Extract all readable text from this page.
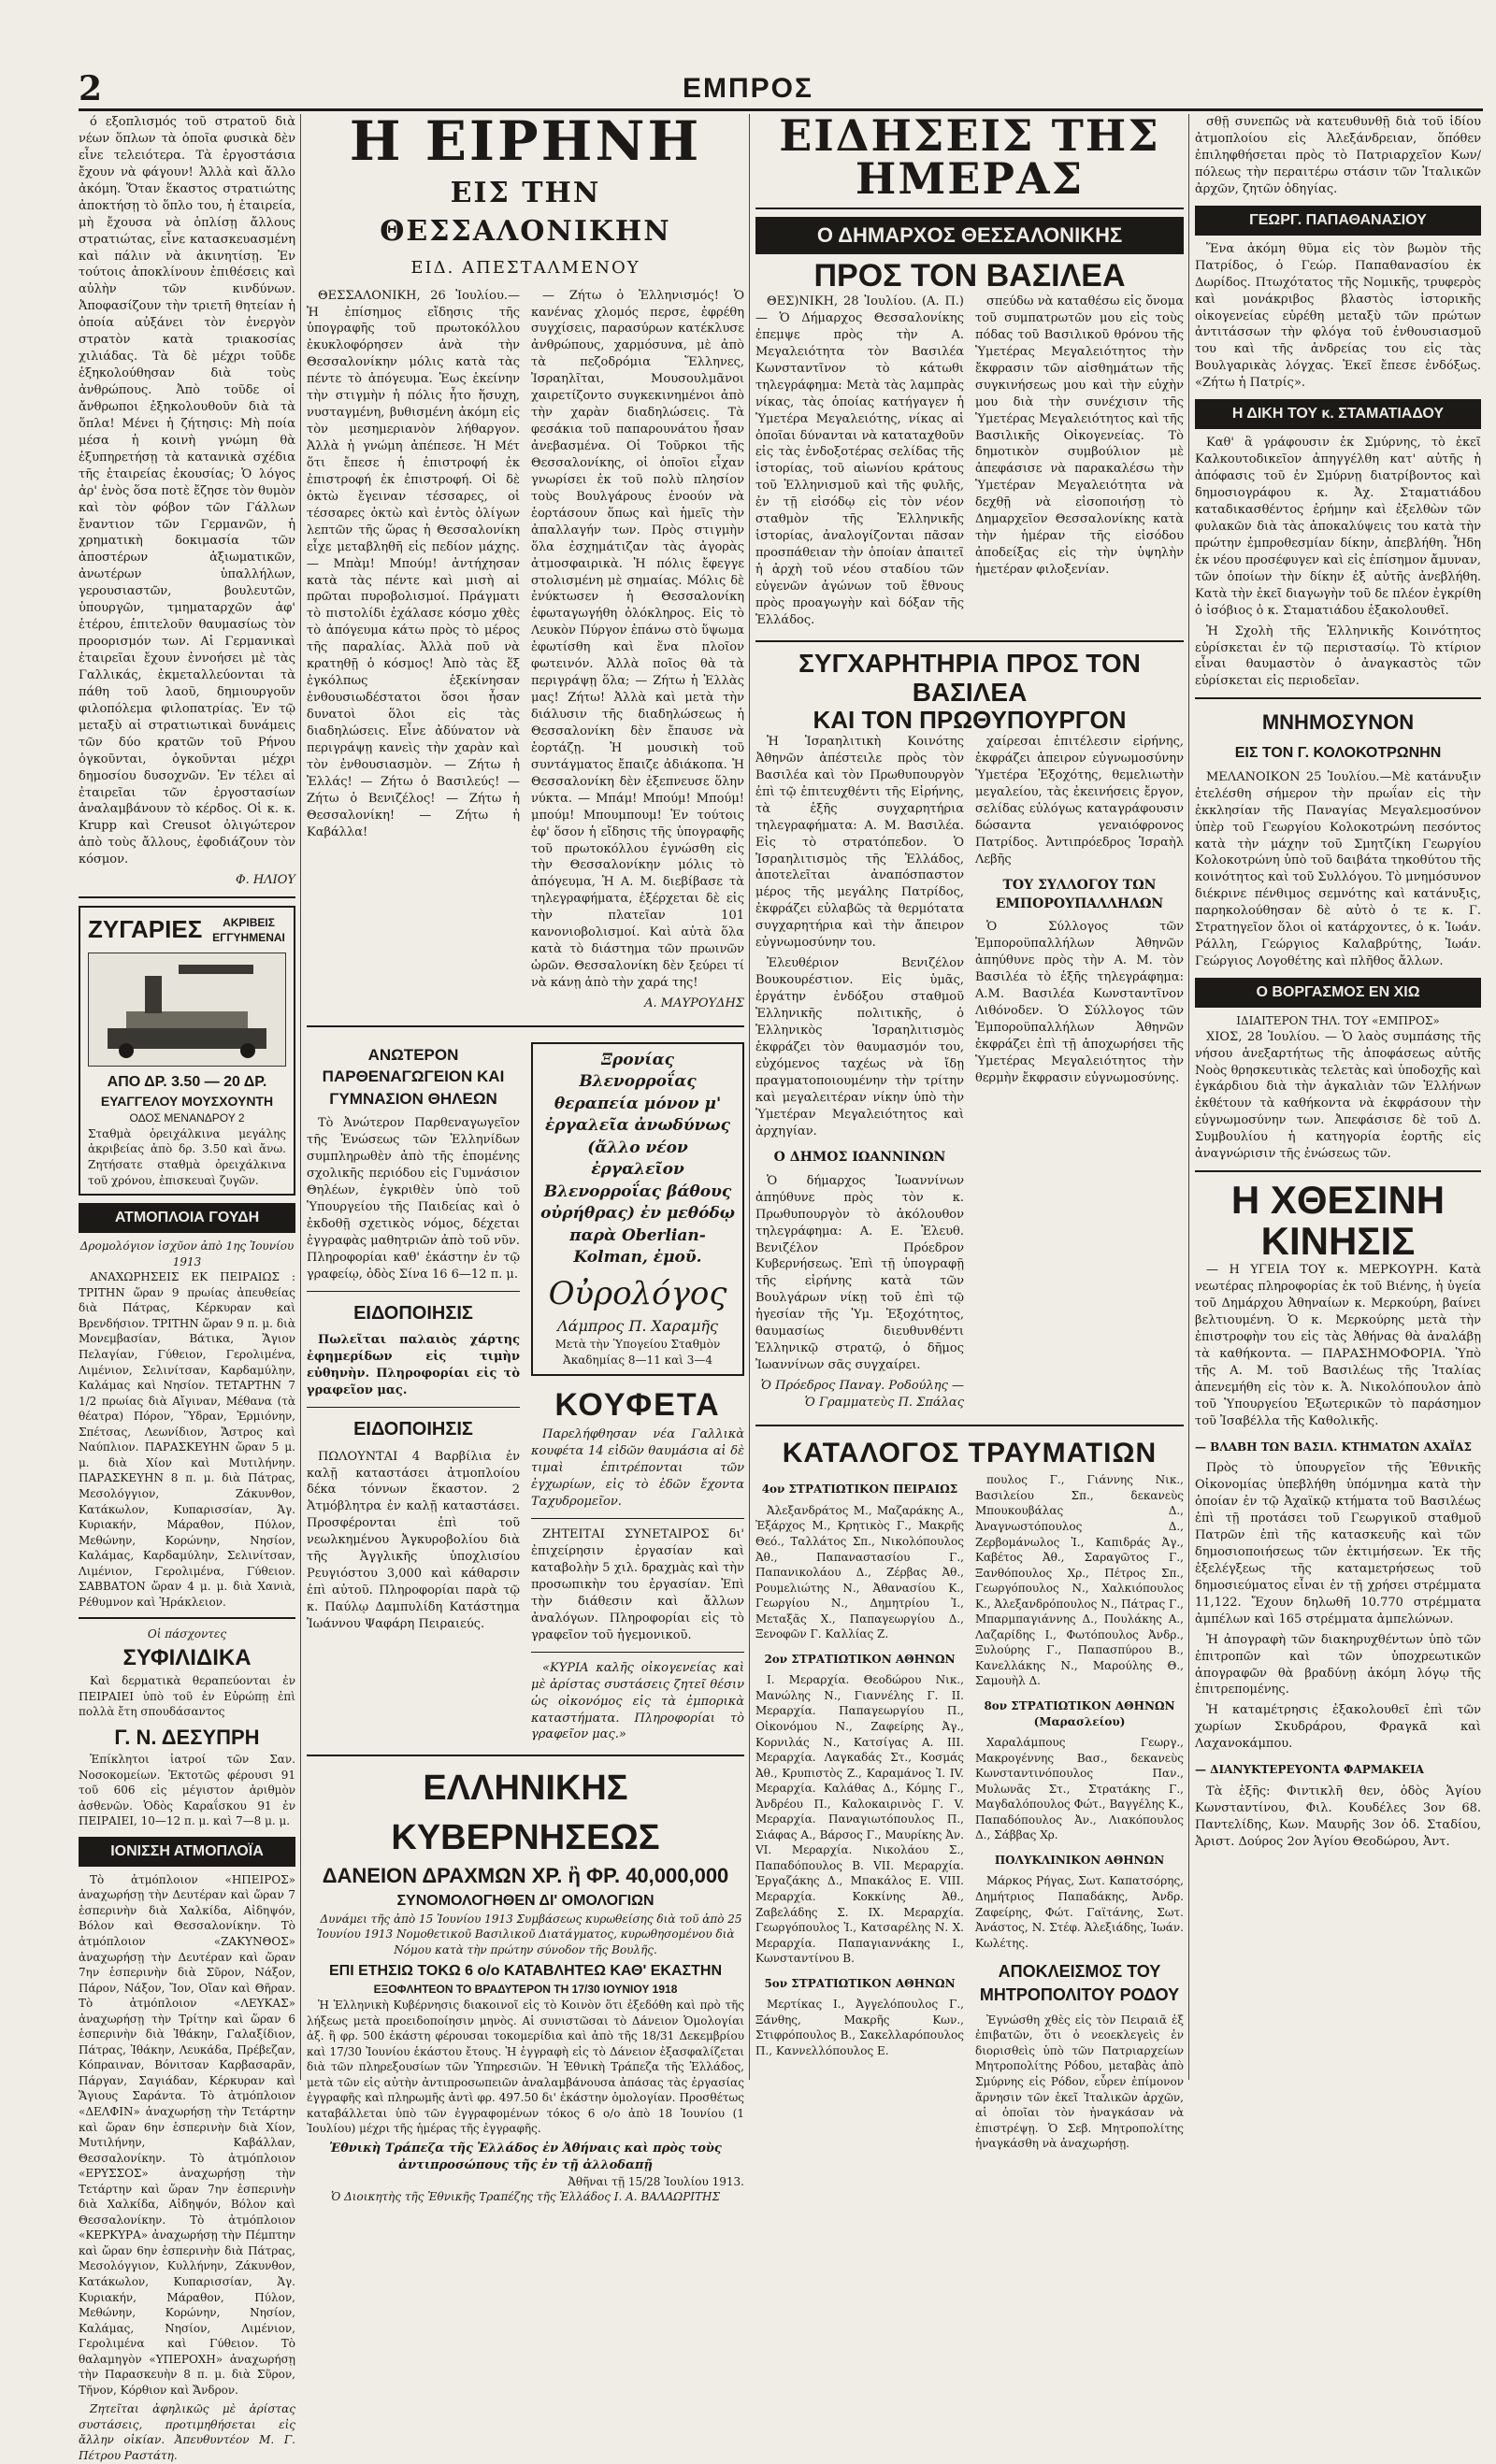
2	ΕΜΠΡΟΣ

ό εξοπλισμός τοῦ στρατοῦ διὰ νέων ὅπλων τὰ ὁποῖα φυσικὰ δὲν εἶνε τελειότερα. Τὰ ἐργοστάσια ἔχουν νὰ φάγουν! Ἀλλὰ καὶ ἄλλο ἀκόμη. Ὅταν ἕκαστος στρατιώτης ἀποκτήσῃ τὸ ὅπλο του, ἡ ἑταιρεία, μὴ ἔχουσα νὰ ὁπλίσῃ ἄλλους στρατιώτας, εἶνε κατασκευασμένη καὶ πάλιν νὰ ἀκινητίσῃ. Ἐν τούτοις ἀποκλίνουν ἐπιθέσεις καὶ αὐλὴν τῶν κινδύνων. Ἀποφασίζουν τὴν τριετῆ θητείαν ἡ ὁποία αὐξάνει τὸν ἐνεργὸν στρατὸν κατὰ τριακοσίας χιλιάδας. Τὰ δὲ μέχρι τοῦδε ἐξηκολούθησαν διὰ τοὺς ἀνθρώπους. Ἀπὸ τοῦδε οἱ ἄνθρωποι ἐξηκολουθοῦν διὰ τὰ ὅπλα! Μένει ἡ ζήτησις: Μὴ ποία μέσα ἡ κοινὴ γνώμη θὰ ἐξυπηρετήσῃ τὰ κατανικὰ σχέδια τῆς ἑταιρείας ἐκουσίας; Ὁ λόγος ἀρ' ἑνὸς ὅσα ποτὲ ἔζησε τὸν θυμὸν καὶ τὸν φόβον τῶν Γάλλων ἔναντιον τῶν Γερμανῶν, ἡ χρηματικὴ δοκιμασία τῶν ἀποστέρων ἀξιωματικῶν, ἀνωτέρων ὑπαλλήλων, γερουσιαστῶν, βουλευτῶν, ὑπουργῶν, τμηματαρχῶν ἀφ' ἑτέρου, ἐπιτελοῦν θαυμασίως τὸν προορισμόν των. Αἱ Γερμανικαὶ ἑταιρεῖαι ἔχουν ἐννοήσει μὲ τὰς Γαλλικάς, ἐκμεταλλεύονται τὰ πάθη τοῦ λαοῦ, δημιουργοῦν φιλοπόλεμα φιλοπατρίας. Ἐν τῷ μεταξὺ αἱ στρατιωτικαὶ δυνάμεις τῶν δύο κρατῶν τοῦ Ρήνου ὁγκοῦνται, ὀγκοῦνται μέχρι δημοσίου δυσοχνῶν. Ἐν τέλει αἱ ἐταιρεῖαι τῶν ἐργοστασίων ἀναλαμβάνουν τὸ κέρδος. Οἱ κ. κ. Krupp καὶ Creusot ὀλιγώτερον ἀπὸ τοὺς ἄλλους, ἐφοδιάζουν τὸν κόσμον.

Φ. ΗΛΙΟΥ
ΖΥΓΑΡΙΕΣ	ΑΚΡΙΒΕΙΣ ΕΓΓΥΗΜΕΝΑΙ
ΑΠΟ ΔΡ. 3.50 — 20 ΔΡ.
ΕΥΑΓΓΕΛΟΥ ΜΟΥΣΧΟΥΝΤΗ
ΟΔΟΣ ΜΕΝΑΝΔΡΟΥ 2
Σταθμὰ ὀρειχάλκινα μεγάλης ἀκριβείας ἀπὸ δρ. 3.50 καὶ ἄνω. Ζητήσατε σταθμὰ ὀρειχάλκινα τοῦ χρόνου, ἐπισκευαὶ ζυγῶν.
ΑΤΜΟΠΛΟΙΑ ΓΟΥΔΗ
Δρομολόγιον ἰσχῦον ἀπὸ 1ης Ἰουνίου 1913

ΑΝΑΧΩΡΗΣΕΙΣ ΕΚ ΠΕΙΡΑΙΩΣ : ΤΡΙΤΗΝ ὥραν 9 πρωίας ἀπευθείας διὰ Πάτρας, Κέρκυραν καὶ Βρενδήσιον. ΤΡΙΤΗΝ ὥραν 9 π. μ. διὰ Μονεμβασίαν, Βάτικα, Ἅγιον Πελαγίαν, Γύθειον, Γερολιμένα, Λιμένιον, Σελινίτσαν, Καρδαμύλην, Καλάμας καὶ Νησίον. ΤΕΤΑΡΤΗΝ 7 1/2 πρωίας διὰ Αἴγιναν, Μέθανα (τὰ θέατρα) Πόρον, Ὕδραν, Ἑρμιόνην, Σπέτσας, Λεωνίδιον, Ἄστρος καὶ Ναύπλιον. ΠΑΡΑΣΚΕΥΗΝ ὥραν 5 μ. μ. διὰ Χίον καὶ Μυτιλήνην. ΠΑΡΑΣΚΕΥΗΝ 8 π. μ. διὰ Πάτρας, Μεσολόγγιον, Ζάκυνθον, Κατάκωλον, Κυπαρισσίαν, Ἁγ. Κυριακήν, Μάραθον, Πύλον, Μεθώνην, Κορώνην, Νησίον, Καλάμας, Καρδαμύλην, Σελινίτσαν, Λιμένιον, Γερολιμένα, Γύθειον. ΣΑΒΒΑΤΟΝ ὥραν 4 μ. μ. διὰ Χανιὰ, Ρέθυμνον καὶ Ἡράκλειον.

Οἱ πάσχοντες
ΣΥΦΙΛΙΔΙΚΑ

Καὶ δερματικὰ θεραπεύονται ἐν ΠΕΙΡΑΙΕΙ ὑπὸ τοῦ ἐν Εὐρώπῃ ἐπὶ πολλὰ ἔτη σπουδάσαντος

Γ. Ν. ΔΕΣΥΠΡΗ

Ἐπίκλητοι ἰατροί τῶν Σαν. Νοσοκομείων. Ἐκτοτῶς φέρουσι 91 τοῦ 606 εἰς μέγιστον ἀριθμὸν ἀσθενῶν. Ὁδὸς Καραΐσκου 91 ἐν ΠΕΙΡΑΙΕΙ, 10—12 π. μ. καὶ 7—8 μ. μ.

ΙΟΝΙΣΣΗ ΑΤΜΟΠΛΟΪΑ

Τὸ ἀτμόπλοιον «ΗΠΕΙΡΟΣ» ἀναχωρήσῃ τὴν Δευτέραν καὶ ὥραν 7 ἑσπερινὴν διὰ Χαλκίδα, Αἰδηψόν, Βόλον καὶ Θεσσαλονίκην. Τὸ ἀτμόπλοιον «ΖΑΚΥΝΘΟΣ» ἀναχωρήσῃ τὴν Δευτέραν καὶ ὥραν 7ην ἑσπερινὴν διὰ Σῦρον, Νάξον, Πάρον, Νάξον, Ἴον, Οἴαν καὶ Θῆραν. Τὸ ἀτμόπλοιον «ΛΕΥΚΑΣ» ἀναχωρήσῃ τὴν Τρίτην καὶ ὥραν 6 ἑσπερινὴν διὰ Ἰθάκην, Γαλαξίδιον, Πάτρας, Ἰθάκην, Λευκάδα, Πρέβεζαν, Κόπραιναν, Βόνιτσαν Καρβασαρᾶν, Πάργαν, Σαγιάδαν, Κέρκυραν καὶ Ἅγιους Σαράντα. Τὸ ἀτμόπλοιον «ΔΕΛΦΙΝ» ἀναχωρήσῃ τὴν Τετάρτην καὶ ὥραν 6ην ἑσπερινὴν διὰ Χίον, Μυτιλήνην, Καβάλλαν, Θεσσαλονίκην. Τὸ ἀτμόπλοιον «ΕΡΥΣΣΟΣ» ἀναχωρήσῃ τὴν Τετάρτην καὶ ὥραν 7ην ἑσπερινὴν διὰ Χαλκίδα, Αἰδηψόν, Βόλον καὶ Θεσσαλονίκην. Τὸ ἀτμόπλοιον «ΚΕΡΚΥΡΑ» ἀναχωρήσῃ τὴν Πέμπτην καὶ ὥραν 6ην ἑσπερινὴν διὰ Πάτρας, Μεσολόγγιον, Κυλλήνην, Ζάκυνθον, Κατάκωλον, Κυπαρισσίαν, Ἁγ. Κυριακήν, Μάραθον, Πύλον, Μεθώνην, Κορώνην, Νησίον, Καλάμας, Νησίον, Λιμένιον, Γερολιμένα καὶ Γύθειον. Τὸ θαλαμηγὸν «ΥΠΕΡΟΧΗ» ἀναχωρήσῃ τὴν Παρασκευὴν 8 π. μ. διὰ Σῦρον, Τῆνον, Κόρθιον καὶ Ἄνδρον.

Ζητεῖται ἀφηλικῶς μὲ ἀρίστας συστάσεις, προτιμηθήσεται εἰς ἄλλην οἰκίαν. Ἀπευθυντέον Μ. Γ. Πέτρου Ραστάτη.

Η ΕΙΡΗΝΗ
ΕΙΣ ΤΗΝ ΘΕΣΣΑΛΟΝΙΚΗΝ
ΕΙΔ. ΑΠΕΣΤΑΛΜΕΝΟΥ

ΘΕΣΣΑΛΟΝΙΚΗ, 26 Ἰουλίου.— Ἡ ἐπίσημος εἴδησις τῆς ὑπογραφῆς τοῦ πρωτοκόλλου ἐκυκλοφόρησεν ἀνὰ τὴν Θεσσαλονίκην μόλις κατὰ τὰς πέντε τὸ ἀπόγευμα. Ἐως ἐκείνην τὴν στιγμὴν ἡ πόλις ἦτο ἥσυχη, νυσταγμένη, βυθισμένη ἀκόμη εἰς τὸν μεσημεριανὸν λήθαργον. Ἀλλὰ ἡ γνώμη ἀπέπεσε. Ἡ Μέτ ὅτι ἔπεσε ἡ ἐπιστροφή ἐκ ἐπιστροφή ἐκ ἐπιστροφή. Οἱ δὲ ὀκτὼ ἔγειναν τέσσαρες, οἱ τέσσαρες ὀκτὼ καὶ ἐντὸς ὀλίγων λεπτῶν τῆς ὥρας ἡ Θεσσαλονίκη εἶχε μεταβληθῆ εἰς πεδίον μάχης. — Μπὰμ! Μπούμ! ἀντήχησαν κατὰ τὰς πέντε καὶ μισὴ αἱ πρῶται πυροβολισμοί. Πράγματι τὸ πιστολίδι ἐχάλασε κόσμο χθὲς τὸ ἀπόγευμα κάτω πρὸς τὸ μέρος τῆς παραλίας. Ἀλλὰ ποῦ νὰ κρατηθῇ ὁ κόσμος! Ἀπὸ τὰς ἕξ ἐγκόλπως ἐξεκίνησαν ἐνθουσιωδέστατοι ὅσοι ἦσαν δυνατοὶ ὅλοι εἰς τὰς διαδηλώσεις. Εἶνε ἀδύνατον νὰ περιγράψῃ κανεὶς τὴν χαρὰν καὶ τὸν ἐνθουσιασμὸν. — Ζήτω ἡ Ἑλλάς! — Ζήτω ὁ Βασιλεύς! — Ζήτω ὁ Βενιζέλος! — Ζήτω ἡ Θεσσαλονίκη! — Ζήτω ἡ Καβάλλα!

— Ζήτω ὁ Ἑλληνισμός! Ὁ κανένας χλομός περσε, ἐφρέθη συγχίσεις, παρασύρων κατέκλυσε ἀνθρώπους, χαρμόσυνα, μὲ ἀπὸ τὰ πεζοδρόμια Ἕλληνες, Ἰσραηλῖται, Μουσουλμᾶνοι χαιρετίζοντο συγκεκινημένοι ἀπὸ τὴν χαρὰν διαδηλώσεις. Τὰ φεσάκια τοῦ παπαρουνάτου ἦσαν ἀνεβασμένα. Οἱ Τοῦρκοι τῆς Θεσσαλονίκης, οἱ ὁποῖοι εἶχαν γνωρίσει ἐκ τοῦ πολὺ πλησίον τοὺς Βουλγάρους ἐνοούν νὰ ἑορτάσουν ὅπως καὶ ἡμεῖς τὴν ἀπαλλαγήν των. Πρὸς στιγμὴν ὅλα ἐσχημάτιζαν τὰς ἀγορὰς ἀτμοσφαιρικὰ. Ἡ πόλις ἔφεγγε στολισμένη μὲ σημαίας. Μόλις δὲ ἐνύκτωσεν ἡ Θεσσαλονίκη ἐφωταγωγήθη ὁλόκληρος. Εἰς τὸ Λευκὸν Πύργον ἐπάνω στὸ ὕψωμα ἐφωτίσθη καὶ ἕνα πλοῖον φωτεινόν. Ἀλλὰ ποῖος θὰ τὰ περιγράψῃ ὅλα; — Ζήτω ἡ Ἑλλὰς μας! Ζήτω! Ἀλλὰ καὶ μετὰ τὴν διάλυσιν τῆς διαδηλώσεως ἡ Θεσσαλονίκη δὲν ἔπαυσε νὰ ἑορτάζῃ. Ἡ μουσικὴ τοῦ συντάγματος ἔπαιζε ἀδιάκοπα. Ἡ Θεσσαλονίκη δὲν ἐξεπνευσε ὅλην νύκτα. — Μπάμ! Μπούμ! Μπούμ! μπούμ! Μπουμπουμ! Ἐν τούτοις ἐφ' ὅσον ἡ εἴδησις τῆς ὑπογραφῆς τοῦ πρωτοκόλλου ἐγνώσθη εἰς τὴν Θεσσαλονίκην μόλις τὸ ἀπόγευμα, Ἡ Α. Μ. διεβίβασε τὰ τηλεγραφήματα, ἐξέρχεται δὲ εἰς τὴν πλατεῖαν 101 κανονιοβολισμοί. Καὶ αὐτὰ ὅλα κατὰ τὸ διάστημα τῶν πρωινῶν ὡρῶν. Θεσσαλονίκη δὲν ξεύρει τί νὰ κάνῃ ἀπὸ τὴν χαρά της!

Α. ΜΑΥΡΟΥΔΗΣ
ΑΝΩΤΕΡΟΝ ΠΑΡΘΕΝΑΓΩΓΕΙΟΝ ΚΑΙ ΓΥΜΝΑΣΙΟΝ ΘΗΛΕΩΝ

Τὸ Ἀνώτερον Παρθεναγωγεῖον τῆς Ἑνώσεως τῶν Ἑλληνίδων συμπληρωθὲν ἀπὸ τῆς ἑπομένης σχολικῆς περιόδου εἰς Γυμνάσιον Θηλέων, ἐγκριθὲν ὑπὸ τοῦ Ὑπουργείου τῆς Παιδείας καὶ ὁ ἐκδοθῇ σχετικὸς νόμος, δέχεται ἐγγραφὰς μαθητριῶν ἀπὸ τοῦ νῦν. Πληροφορίαι καθ' ἑκάστην ἐν τῷ γραφείῳ, ὁδὸς Σίνα 16 6—12 π. μ.

ΕΙΔΟΠΟΙΗΣΙΣ

Πωλεῖται παλαιὸς χάρτης ἐφημερίδων εἰς τιμὴν εὐθηνὴν. Πληροφορίαι εἰς τὸ γραφεῖον μας.

ΕΙΔΟΠΟΙΗΣΙΣ

ΠΩΛΟΥΝΤΑΙ 4 Βαρβίλια ἐν καλῇ καταστάσει ἀτμοπλοίου δέκα τόννων ἕκαστον. 2 Ἀτμόβλητρα ἐν καλῇ καταστάσει. Προσφέρονται ἐπὶ τοῦ νεωλκημένου Ἀγκυροβολίου διὰ τῆς Ἀγγλικῆς ὑποχλισίου Ρευγιόστου 3,000 καὶ κάθαρσιν ἐπὶ αὐτοῦ. Πληροφορίαι παρὰ τῷ κ. Παύλῳ Δαμπυλίδη Κατάστημα Ἰωάννου Ψαφάρη Πειραιεύς.

Ξρονίας Βλενορροΐας θεραπεία μόνον μ' ἐργαλεῖα ἀνωδύνως (ἄλλο νέον ἐργαλεῖον Βλενορροΐας βάθους οὐρήθρας) ἐν μεθόδῳ παρὰ Oberlian-Kolman, ἐμοῦ.
Οὐρολόγος
Λάμπρος Π. Χαραμῆς
Μετὰ τὴν Ὑπογείου Σταθμὸν Ἀκαδημίας 8—11 καὶ 3—4
ΚΟΥΦΕΤΑ

Παρελήφθησαν νέα Γαλλικὰ κουφέτα 14 εἰδῶν θαυμάσια αἱ δὲ τιμαὶ ἐπιτρέπονται τῶν ἐγχωρίων, εἰς τὸ ἐδῶν ἔχοντα Ταχυδρομεῖον.

ΖΗΤΕΙΤΑΙ ΣΥΝΕΤΑΙΡΟΣ δι' ἐπιχείρησιν ἐργασίαν καὶ καταβολὴν 5 χιλ. δραχμὰς καὶ τὴν προσωπικὴν του ἐργασίαν. Ἐπὶ τὴν διάθεσιν καὶ ἄλλων ἀναλόγων. Πληροφορίαι εἰς τὸ γραφεῖον τοῦ ἡγεμονικοῦ.

«ΚΥΡΙΑ καλῆς οἰκογενείας καὶ μὲ ἀρίστας συστάσεις ζητεῖ θέσιν ὡς οἰκονόμος εἰς τὰ ἐμπορικὰ καταστήματα. Πληροφορίαι τὸ γραφεῖον μας.»

ΕΛΛΗΝΙΚΗΣ ΚΥΒΕΡΝΗΣΕΩΣ
ΔΑΝΕΙΟΝ ΔΡΑΧΜΩΝ ΧΡ. ἢ ΦΡ. 40,000,000
ΣΥΝΟΜΟΛΟΓΗΘΕΝ ΔΙ' ΟΜΟΛΟΓΙΩΝ

Δυνάμει τῆς ἀπὸ 15 Ἰουνίου 1913 Συμβάσεως κυρωθείσης διὰ τοῦ ἀπὸ 25 Ἰουνίου 1913 Νομοθετικοῦ Βασιλικοῦ Διατάγματος, κυρωθησομένου διὰ Νόμου κατὰ τὴν πρώτην σύνοδον τῆς Βουλῆς.

ΕΠΙ ΕΤΗΣΙΩ ΤΟΚΩ 6 ο/ο ΚΑΤΑΒΛΗΤΕΩ ΚΑΘ' ΕΚΑΣΤΗΝ
ΕΞΟΦΛΗΤΕΟΝ ΤΟ ΒΡΑΔΥΤΕΡΟΝ ΤΗ 17/30 ΙΟΥΝΙΟΥ 1918

Ἡ Ἑλληνικὴ Κυβέρνησις διακοινοῖ εἰς τὸ Κοινὸν ὅτι ἐξεδόθη καὶ πρὸ τῆς λήξεως μετὰ προειδοποίησιν μηνὸς. Αἱ συνιστῶσαι τὸ Δάνειον Ὁμολογίαι ἀξ. ἢ φρ. 500 ἑκάστη φέρουσαι τοκομερίδια καὶ ἀπὸ τῆς 18/31 Δεκεμβρίου καὶ 17/30 Ἰουνίου ἑκάστου ἔτους. Ἡ ἐγγραφὴ εἰς τὸ Δάνειον ἐξασφαλίζεται διὰ τῶν πληρεξουσίων τῶν Ὑπηρεσιῶν. Ἡ Ἐθνικὴ Τράπεζα τῆς Ἑλλάδος, μετὰ τῶν εἰς αὐτὴν ἀντιπροσωπειῶν ἀναλαμβάνουσα ἀπάσας τὰς ἐργασίας ἐγγραφῆς καὶ πληρωμῆς ἀντὶ φρ. 497.50 δι' ἑκάστην ὁμολογίαν. Προσθέτως καταβάλλεται ὑπὸ τῶν ἐγγραφομένων τόκος 6 ο/ο ἀπὸ 18 Ἰουνίου (1 Ἰουλίου) μέχρι τῆς ἡμέρας τῆς ἐγγραφῆς.

Ἐθνικὴ Τράπεζα τῆς Ἑλλάδος ἐν Ἀθήναις καὶ πρὸς τοὺς ἀντιπροσώπους τῆς ἐν τῇ ἀλλοδαπῇ
Ἀθῆναι τῇ 15/28 Ἰουλίου 1913.
Ὁ Διοικητὴς τῆς Ἐθνικῆς Τραπέζης τῆς Ἑλλάδος Ι. Α. ΒΑΛΑΩΡΙΤΗΣ
ΕΙΔΗΣΕΙΣ ΤΗΣ ΗΜΕΡΑΣ
Ο ΔΗΜΑΡΧΟΣ ΘΕΣΣΑΛΟΝΙΚΗΣ
ΠΡΟΣ ΤΟΝ ΒΑΣΙΛΕΑ

ΘΕΣ)ΝΙΚΗ, 28 Ἰουλίου. (Α. Π.)— Ὁ Δήμαρχος Θεσσαλονίκης ἐπεμψε πρὸς τὴν Α. Μεγαλειότητα τὸν Βασιλέα Κωνσταντῖνον τὸ κάτωθι τηλεγράφημα: Μετὰ τὰς λαμπρὰς νίκας, τὰς ὁποίας κατήγαγεν ἡ Ὑμετέρα Μεγαλειότης, νίκας αἱ ὁποῖαι δύνανται νὰ καταταχθοῦν εἰς τὰς ἐνδοξοτέρας σελίδας τῆς ἱστορίας, τοῦ αἰωνίου κράτους τοῦ Ἑλληνισμοῦ καὶ τῆς φυλῆς, ἐν τῇ εἰσόδῳ εἰς τὸν νέον σταθμὸν τῆς Ἑλληνικῆς ἱστορίας, ἀναλογίζονται πᾶσαν προσπάθειαν τὴν ὁποίαν ἀπαιτεῖ ἡ ἀρχὴ τοῦ νέου σταδίου τῶν εὐγενῶν ἀγώνων τοῦ ἔθνους πρὸς προαγωγὴν καὶ δόξαν τῆς Ἑλλάδος.

σπεύδω νὰ καταθέσω εἰς ὄνομα τοῦ συμπατρωτῶν μου εἰς τοὺς πόδας τοῦ Βασιλικοῦ θρόνου τῆς Ὑμετέρας Μεγαλειότητος τὴν ἔκφρασιν τῶν αἰσθημάτων τῆς συγκινήσεως μου καὶ τὴν εὐχὴν μου διὰ τὴν συνέχισιν τῆς Ὑμετέρας Μεγαλειότητος καὶ τῆς Βασιλικῆς Οἰκογενείας. Τὸ δημοτικὸν συμβούλιον μὲ ἀπεφάσισε νὰ παρακαλέσω τὴν Ὑμετέραν Μεγαλειότητα νὰ δεχθῇ νὰ εἰσοποιήσῃ τὸ Δημαρχεῖον Θεσσαλονίκης κατὰ τὴν ἡμέραν τῆς εἰσόδου ἀποδείξας εἰς τὴν ὑψηλὴν ἡμετέραν φιλοξενίαν.

ΣΥΓΧΑΡΗΤΗΡΙΑ ΠΡΟΣ ΤΟΝ ΒΑΣΙΛΕΑ
ΚΑΙ ΤΟΝ ΠΡΩΘΥΠΟΥΡΓΟΝ

Ἡ Ἰσραηλιτικὴ Κοινότης Ἀθηνῶν ἀπέστειλε πρὸς τὸν Βασιλέα καὶ τὸν Πρωθυπουργὸν ἐπὶ τῷ ἐπιτευχθέντι τῆς Εἰρήνης, τὰ ἑξῆς συγχαρητήρια τηλεγραφήματα: Α. Μ. Βασιλέα. Εἰς τὸ στρατόπεδον. Ὁ Ἰσραηλιτισμὸς τῆς Ἑλλάδος, ἀποτελεῖται ἀναπόσπαστον μέρος τῆς μεγάλης Πατρίδος, ἐκφράζει εὐλαβῶς τὰ θερμότατα συγχαρητήρια καὶ τὴν ἄπειρον εὐγνωμοσύνην του.

Ἐλευθέριον Βενιζέλον Βουκουρέστιον. Εἰς ὑμᾶς, ἐργάτην ἐνδόξου σταθμοῦ Ἑλληνικῆς πολιτικῆς, ὁ Ἑλληνικὸς Ἰσραηλιτισμὸς ἐκφράζει τὸν θαυμασμόν του, εὐχόμενος ταχέως νὰ ἴδῃ πραγματοποιουμένην τὴν τρίτην καὶ μεγαλειτέραν νίκην ὑπὸ τὴν Ὑμετέραν Μεγαλειότητος καὶ ἀρχηγίαν.

Ο ΔΗΜΟΣ ΙΩΑΝΝΙΝΩΝ

Ὁ δήμαρχος Ἰωαννίνων ἀπηύθυνε πρὸς τὸν κ. Πρωθυπουργὸν τὸ ἀκόλουθον τηλεγράφημα: Α. Ε. Ἐλευθ. Βενιζέλον Πρόεδρον Κυβερνήσεως. Ἐπὶ τῇ ὑπογραφῇ τῆς εἰρήνης κατὰ τῶν Βουλγάρων νίκῃ τοῦ ἐπὶ τῷ ἡγεσίαν τῆς Ὑμ. Ἐξοχότητος, θαυμασίως διευθυνθέντι Ἑλληνικῷ στρατῷ, ὁ δῆμος Ἰωαννίνων σᾶς συγχαίρει.

Ὁ Πρόεδρος Παναγ. Ροδούλης — Ὁ Γραμματεὺς Π. Σπάλας

χαίρεσαι ἐπιτέλεσιν εἰρήνης, ἐκφράζει ἀπειρον εὐγνωμοσύνην Ὑμετέρα Ἐξοχότης, θεμελιωτὴν μεγαλείου, τὰς ἐκεινήσεις ἔργον, σελίδας εὐλόγως καταγράφουσιν δώσαντα γεναιόφρονος Πατρίδος. Ἀντιπρόεδρος Ἰσραὴλ Λεβῆς

ΤΟΥ ΣΥΛΛΟΓΟΥ ΤΩΝ ΕΜΠΟΡΟΥΠΑΛΛΗΛΩΝ

Ὁ Σύλλογος τῶν Ἐμποροϋπαλλήλων Ἀθηνῶν ἀπηύθυνε πρὸς τὴν Α. Μ. τὸν Βασιλέα τὸ ἑξῆς τηλεγράφημα: Α.Μ. Βασιλέα Κωνσταντῖνον Λιθόνοδεν. Ὁ Σύλλογος τῶν Ἐμποροϋπαλλήλων Ἀθηνῶν ἐκφράζει ἐπὶ τῇ ἀποχωρήσει τῆς Ὑμετέρας Μεγαλειότητος τὴν θερμὴν ἔκφρασιν εὐγνωμοσύνης.

ΚΑΤΑΛΟΓΟΣ ΤΡΑΥΜΑΤΙΩΝ
4ον ΣΤΡΑΤΙΩΤΙΚΟΝ ΠΕΙΡΑΙΩΣ

Ἀλεξανδράτος Μ., Μαζαράκης Α., Ἐξάρχος Μ., Κρητικὸς Γ., Μακρῆς Θεό., Ταλλάτος Σπ., Νικολόπουλος Ἀθ., Παπαναστασίου Γ., Παπανικολάου Δ., Ζέρβας Ἀθ., Ρουμελιώτης Ν., Ἀθανασίου Κ., Γεωργίου Ν., Δημητρίου Ἰ., Μεταξᾶς Χ., Παπαγεωργίου Δ., Ξενοφῶν Γ. Καλλίας Ζ.

2ον ΣΤΡΑΤΙΩΤΙΚΟΝ ΑΘΗΝΩΝ

I. Μεραρχία. Θεοδώρου Νικ., Μανώλης Ν., Γιαννέλης Γ. II. Μεραρχία. Παπαγεωργίου Π., Οἰκονόμου Ν., Ζαφείρης Ἀγ., Κορνιλάς Ν., Κατσίγας Α. III. Μεραρχία. Λαγκαδάς Στ., Κοσμάς Ἀθ., Κρυπιστὸς Ζ., Καραμάνος Ἰ. IV. Μεραρχία. Καλάθας Δ., Κόμης Γ., Ἀνδρέου Π., Καλοκαιρινὸς Γ. V. Μεραρχία. Παναγιωτόπουλος Π., Σιάφας Α., Βάρσος Γ., Μαυρίκης Ἀν. VI. Μεραρχία. Νικολάου Σ., Παπαδόπουλος Β. VII. Μεραρχία. Ἐργαζάκης Δ., Μπακάλος Ε. VIII. Μεραρχία. Κοκκίνης Ἀθ., Ζαβελάδης Σ. IX. Μεραρχία. Γεωργόπουλος Ἰ., Κατσαρέλης Ν. X. Μεραρχία. Παπαγιαννάκης Ι., Κωνσταντίνου Β.

5ον ΣΤΡΑΤΙΩΤΙΚΟΝ ΑΘΗΝΩΝ

Μερτίκας Ι., Ἀγγελόπουλος Γ., Ξάνθης, Μακρῆς Κων., Στιφρόπουλος Β., Σακελλαρόπουλος Π., Καννελλόπουλος Ε.

πουλος Γ., Γιάννης Νικ., Βασιλείου Σπ., δεκανεὺς Μπουκουβάλας Δ., Ἀναγνωστόπουλος Δ., Ζερβομάνωλος Ἰ., Καπιδράς Ἀγ., Καβέτος Ἀθ., Σαραγῶτος Γ., Ξανθόπουλος Χρ., Πέτρος Σπ., Γεωργόπουλος Ν., Χαλκιόπουλος Κ., Ἀλεξανδρόπουλος Ν., Πάτρας Γ., Μπαρμπαγιάννης Δ., Πουλάκης Α., Λαζαρίδης Ι., Φωτόπουλος Ἀνδρ., Ξυλούρης Γ., Παπασπύρου Β., Κανελλάκης Ν., Μαρούλης Θ., Σαμουὴλ Δ.

8ον ΣΤΡΑΤΙΩΤΙΚΟΝ ΑΘΗΝΩΝ (Μαρασλείου)

Χαραλάμπους Γεωργ., Μακρογέννης Βασ., δεκανεὺς Κωνσταντινόπουλος Παν., Μυλωνᾶς Στ., Στρατάκης Γ., Μαγδαλόπουλος Φώτ., Βαγγέλης Κ., Παπαδόπουλος Ἀν., Λιακόπουλος Δ., Σάββας Χρ.

ΠΟΛΥΚΛΙΝΙΚΟΝ ΑΘΗΝΩΝ

Μάρκος Ρήγας, Σωτ. Καπατσόρης, Δημήτριος Παπαδάκης, Ἀνδρ. Ζαφείρης, Φώτ. Γαϊτάνης, Σωτ. Ἀνάστος, Ν. Στέφ. Ἀλεξιάδης, Ἰωάν. Κωλέτης.

ΑΠΟΚΛΕΙΣΜΟΣ ΤΟΥ ΜΗΤΡΟΠΟΛΙΤΟΥ ΡΟΔΟΥ

Ἐγνώσθη χθὲς εἰς τὸν Πειραιᾶ ἐξ ἐπιβατῶν, ὅτι ὁ νεοεκλεγεὶς ἐν διορισθεὶς ὑπὸ τῶν Πατριαρχείων Μητροπολίτης Ρόδου, μεταβὰς ἀπὸ Σμύρνης εἰς Ρόδον, εὗρεν ἐπίμονον ἄρνησιν τῶν ἐκεῖ Ἰταλικῶν ἀρχῶν, αἱ ὁποῖαι τὸν ἠναγκάσαν νὰ ἐπιστρέψῃ. Ὁ Σεβ. Μητροπολίτης ἠναγκάσθη νὰ ἀναχωρήσῃ.

σθῇ συνεπῶς νὰ κατευθυνθῇ διὰ τοῦ ἰδίου ἀτμοπλοίου εἰς Ἀλεξάνδρειαν, ὅπόθεν ἐπιληφθήσεται πρὸς τὸ Πατριαρχεῖον Κων/πόλεως τὴν περαιτέρω στάσιν τῶν Ἰταλικῶν ἀρχῶν, ζητῶν ὁδηγίας.

ΓΕΩΡΓ. ΠΑΠΑΘΑΝΑΣΙΟΥ

Ἕνα ἀκόμη θῦμα εἰς τὸν βωμὸν τῆς Πατρίδος, ὁ Γεώρ. Παπαθανασίου ἐκ Δωρίδος. Πτωχότατος τῆς Νομικῆς, τρυφερὸς καὶ μονάκριβος βλαστὸς ἱστορικῆς οἰκογενείας εὑρέθη μεταξὺ τῶν πρώτων ἀντιτάσσων τὴν φλόγα τοῦ ἐνθουσιασμοῦ του καὶ τῆς ἀνδρείας του εἰς τὰς Βουλγαρικὰς λόγχας. Ἐκεῖ ἔπεσε ἐνδόξως. «Ζήτω ἡ Πατρίς».

Η ΔΙΚΗ ΤΟΥ κ. ΣΤΑΜΑΤΙΑΔΟΥ

Καθ' ἃ γράφουσιν ἐκ Σμύρνης, τὸ ἐκεῖ Καλκουτοδικεῖον ἀπηγγέλθη κατ' αὐτῆς ἡ ἀπόφασις τοῦ ἐν Σμύρνῃ διατρίβοντος καὶ δημοσιογράφου κ. Ἀχ. Σταματιάδου καταδικασθέντος ἐρήμην καὶ ἐξελθὼν τῶν φυλακῶν διὰ τὰς ἀποκαλύψεις του κατὰ τὴν πρώτην ἐμπροθεσμίαν δίκην, ἀπεβλήθη. Ἦδη ἐκ νέου προσέφυγεν καὶ εἰς ἐπίσημον ἄμυναν, τῶν ὁποίων τὴν δίκην ἐξ αὐτῆς ἀνεβλήθη. Κατὰ τὴν ἐκεῖ διαγωγὴν τοῦ δε πλέον ἐγκρίθη ὁ ἰσόβιος ὁ κ. Σταματιάδου ἐξακολουθεῖ.

Ἡ Σχολὴ τῆς Ἑλληνικῆς Κοινότητος εὑρίσκεται ἐν τῷ περιστασίῳ. Τὸ κτίριον εἶναι θαυμαστὸν ὁ ἀναγκαστὸς τῶν εὐρίσκεται εἰς περιοδεῖαν.

ΜΝΗΜΟΣΥΝΟΝ
ΕΙΣ ΤΟΝ Γ. ΚΟΛΟΚΟΤΡΩΝΗΝ

ΜΕΛΑΝΟΙΚΟΝ 25 Ἰουλίου.—Μὲ κατάνυξιν ἐτελέσθη σήμερον τὴν πρωΐαν εἰς τὴν ἐκκλησίαν τῆς Παναγίας Μεγαλεμοσύνον ὑπὲρ τοῦ Γεωργίου Κολοκοτρώνη πεσόντος κατὰ τὴν μάχην τοῦ Σμητζίκη Γεωργίου Κολοκοτρώνη ὑπὸ τοῦ δαιβάτα τηκοθύτου τῆς κοινότητος καὶ τοῦ Συλλόγου. Τὸ μνημόσυνον διέκρινε πένθιμος σεμνότης καὶ κατάνυξις, παρηκολούθησαν δὲ αὐτὸ ὁ τε κ. Γ. Στρατηγεῖον ὅλοι οἱ κατάρχοντες, ὁ κ. Ἰωάν. Ράλλη, Γεώργιος Καλαβρύτης, Ἰωάν. Γεώργιος Λογοθέτης καὶ πλῆθος ἄλλων.

Ο ΒΟΡΓΑΣΜΟΣ ΕΝ ΧΙΩ
ΙΔΙΑΙΤΕΡΟΝ ΤΗΛ. ΤΟΥ «ΕΜΠΡΟΣ»

ΧΙΟΣ, 28 Ἰουλίου. — Ὁ λαὸς συμπάσης τῆς νήσου ἀνεξαρτήτως τῆς ἀποφάσεως αὐτῆς Νοὸς θρησκευτικὰς τελετὰς καὶ ὑποδοχῆς καὶ ἐγκάρδιου διὰ τὴν ἀγκαλιὰν τῶν Ἑλλήνων ἐκθέτουν τὰ καθήκοντα νὰ ἐκφράσουν τὴν εὐγνωμοσύνην των. Ἀπεφάσισε δὲ τοῦ Δ. Συμβουλίου ἡ κατηγορία ἑορτῆς εἰς ἀναγνώρισιν τῆς ἐνώσεως τῶν.

Η ΧΘΕΣΙΝΗ ΚΙΝΗΣΙΣ

— Η ΥΓΕΙΑ ΤΟΥ κ. ΜΕΡΚΟΥΡΗ. Κατὰ νεωτέρας πληροφορίας ἐκ τοῦ Βιένης, ἡ ὑγεία τοῦ Δημάρχου Ἀθηναίων κ. Μερκούρη, βαίνει βελτιουμένη. Ὁ κ. Μερκούρης μετὰ τὴν ἐπιστροφὴν του εἰς τὰς Ἀθήνας θὰ ἀναλάβῃ τὰ καθήκοντα. — ΠΑΡΑΣΗΜΟΦΟΡΙΑ. Ὑπὸ τῆς Α. Μ. τοῦ Βασιλέως τῆς Ἰταλίας ἀπενεμήθη εἰς τὸν κ. Ἀ. Νικολόπουλον ἀπὸ τοῦ Ὑπουργείου Ἐξωτερικῶν τὸ παράσημον τοῦ Ἰσαβέλλα τῆς Καθολικῆς.

— ΒΛΑΒΗ ΤΩΝ ΒΑΣΙΛ. ΚΤΗΜΑΤΩΝ ΑΧΑΪΑΣ

Πρὸς τὸ ὑπουργεῖον τῆς Ἐθνικῆς Οἰκονομίας ὑπεβλήθη ὑπόμνημα κατὰ τὴν ὁποίαν ἐν τῷ Ἀχαϊκῷ κτήματα τοῦ Βασιλέως ἐπὶ τῇ προτάσει τοῦ Γεωργικοῦ σταθμοῦ Πατρῶν ἐπὶ τῆς κατασκευῆς καὶ τῶν δημοσιοποιήσεως τῶν ἐκτιμήσεων. Ἐκ τῆς ἐξελέγξεως τῆς καταμετρήσεως τοῦ δημοσιεύματος εἶναι ἐν τῇ χρήσει στρέμματα 11,122. Ἔχουν δηλωθῆ 10.770 στρέμματα ἀμπέλων καὶ 165 στρέμματα ἀμπελώνων.

Ἡ ἀπογραφὴ τῶν διακηρυχθέντων ὑπὸ τῶν ἐπιτροπῶν καὶ τῶν ὑποχρεωτικῶν ἀπογραφῶν θὰ βραδύνῃ ἀκόμη λόγῳ τῆς ἐπιτρεπομένης.

Ἡ καταμέτρησις ἐξακολουθεῖ ἐπὶ τῶν χωρίων Σκυδράρου, Φραγκᾶ καὶ Λαχανοκάμπου.

— ΔΙΑΝΥΚΤΕΡΕΥΟΝΤΑ ΦΑΡΜΑΚΕΙΑ

Τὰ ἑξῆς: Φιντικλῆ θεν, ὁδὸς Ἁγίου Κωνσταντίνου, Φιλ. Κουδέλες 3ον 68. Παντελίδης, Κων. Μαυρῆς 3ον ὁδ. Σταδίου, Ἀριστ. Δούρος 2ον Ἁγίου Θεοδώρου, Ἀντ.
